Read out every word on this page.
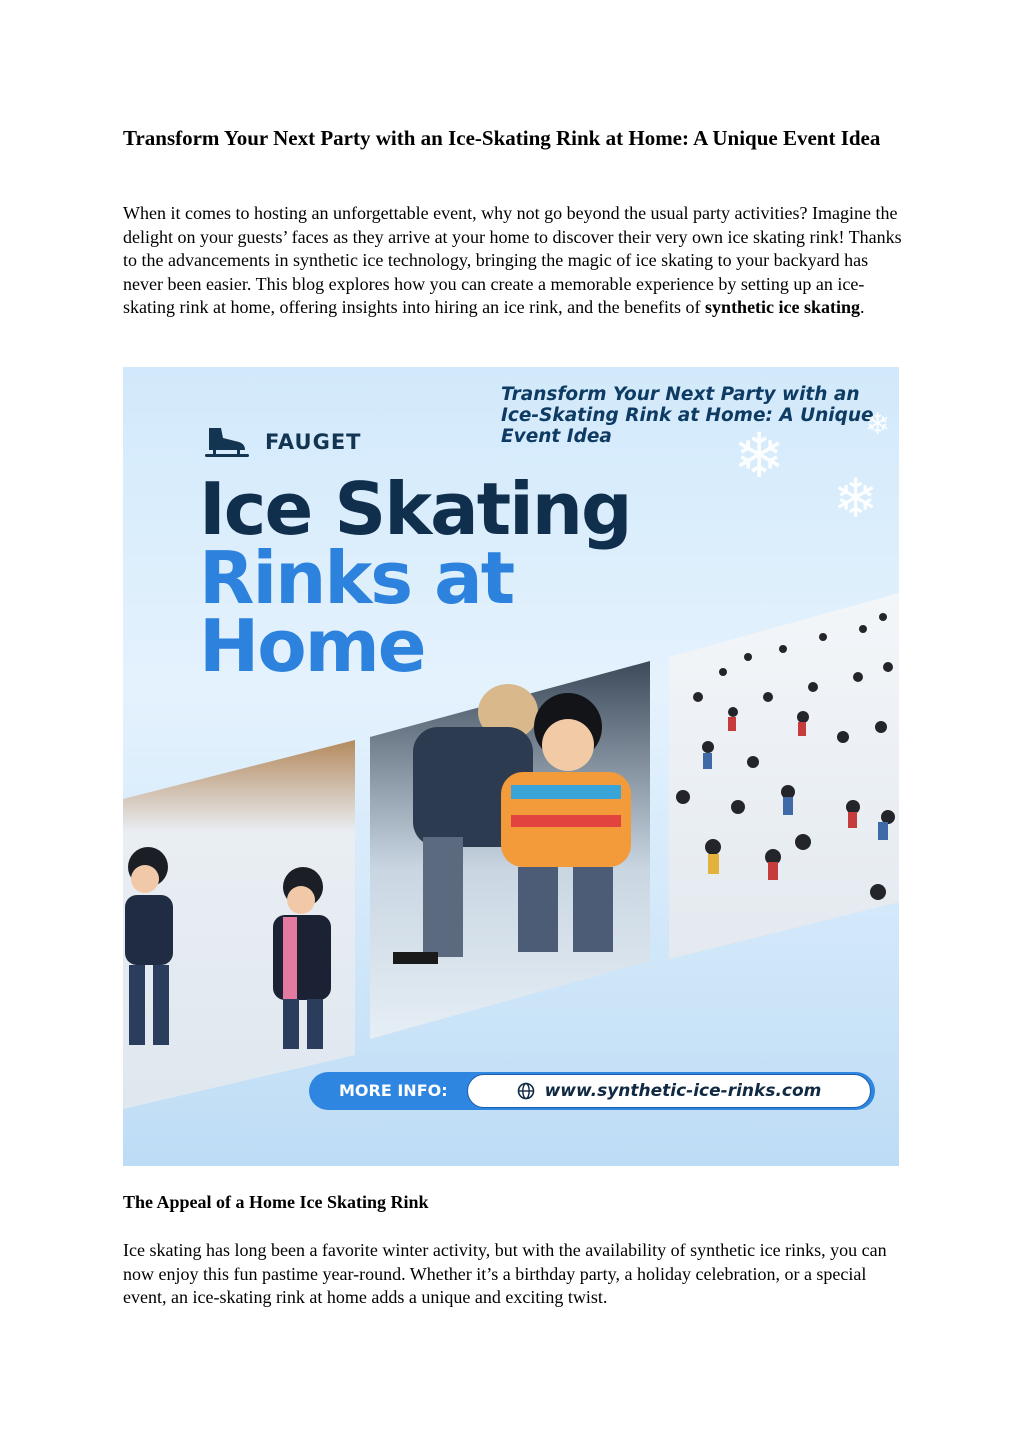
Transform Your Next Party with an Ice-Skating Rink at Home: A Unique Event Idea

When it comes to hosting an unforgettable event, why not go beyond the usual party activities? Imagine the delight on your guests’ faces as they arrive at your home to discover their very own ice skating rink! Thanks to the advancements in synthetic ice technology, bringing the magic of ice skating to your backyard has never been easier. This blog explores how you can create a memorable experience by setting up an ice-skating rink at home, offering insights into hiring an ice rink, and the benefits of synthetic ice skating.

FAUGET
Transform Your Next Party with an Ice-Skating Rink at Home: A Unique Event Idea
Ice Skating
Rinks at
Home
❄
❄
❄
MORE INFO:	www.synthetic-ice-rinks.com
The Appeal of a Home Ice Skating Rink

Ice skating has long been a favorite winter activity, but with the availability of synthetic ice rinks, you can now enjoy this fun pastime year-round. Whether it’s a birthday party, a holiday celebration, or a special event, an ice-skating rink at home adds a unique and exciting twist.
